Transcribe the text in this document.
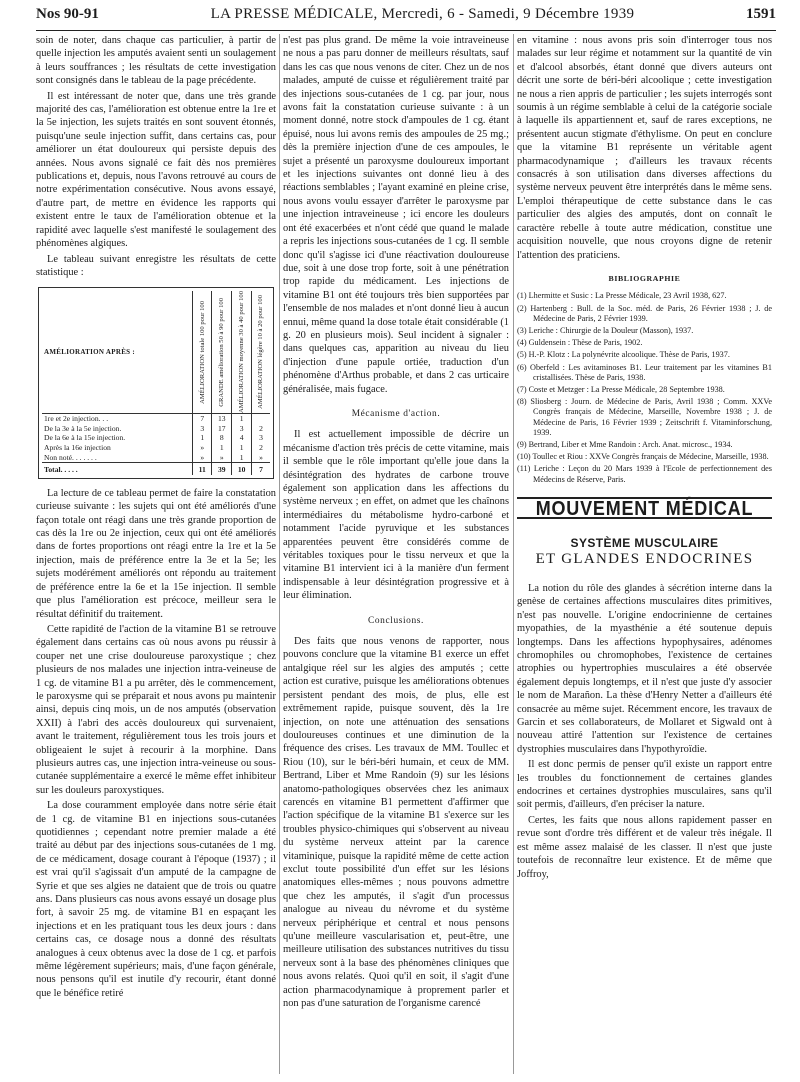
Nos 90-91	LA PRESSE MÉDICALE, Mercredi, 6 - Samedi, 9 Décembre 1939	1591

soin de noter, dans chaque cas particulier, à partir de quelle injection les amputés avaient senti un soulagement à leurs souffrances ; les résultats de cette investigation sont consignés dans le tableau de la page précédente.

Il est intéressant de noter que, dans une très grande majorité des cas, l'amélioration est obtenue entre la 1re et la 5e injection, les sujets traités en sont souvent étonnés, puisqu'une seule injection suffit, dans certains cas, pour améliorer un état douloureux qui persiste depuis des années. Nous avons signalé ce fait dès nos premières publications et, depuis, nous l'avons retrouvé au cours de notre expérimentation consécutive. Nous avons essayé, d'autre part, de mettre en évidence les rapports qui existent entre le taux de l'amélioration obtenue et la rapidité avec laquelle s'est manifesté le soulagement des phénomènes algiques.

Le tableau suivant enregistre les résultats de cette statistique :

AMÉLIORATION APRÈS :	AMÉLIORATION totale 100 pour 100	GRANDE amélioration 50 à 90 pour 100	AMÉLIORATION moyenne 30 à 40 pour 100	AMÉLIORATION légère 10 à 20 pour 100

1re et 2e injection. . .	7	13	1	
De la 3e à la 5e injection.	3	17	3	2
De la 6e à la 15e injection.	1	8	4	3
Après la 16e injection	»	1	1	2
Non noté. . . . . . .	»	»	1	»
Total. . . . .	11	39	10	7

La lecture de ce tableau permet de faire la constatation curieuse suivante : les sujets qui ont été améliorés d'une façon totale ont réagi dans une très grande proportion de cas dès la 1re ou 2e injection, ceux qui ont été améliorés dans de fortes proportions ont réagi entre la 1re et la 5e injection, mais de préférence entre la 3e et la 5e; les sujets modérément améliorés ont répondu au traitement de préférence entre la 6e et la 15e injection. Il semble que plus l'amélioration est précoce, meilleur sera le résultat définitif du traitement.

Cette rapidité de l'action de la vitamine B1 se retrouve également dans certains cas où nous avons pu réussir à couper net une crise douloureuse paroxystique ; chez plusieurs de nos malades une injection intra-veineuse de 1 cg. de vitamine B1 a pu arrêter, dès le commencement, le paroxysme qui se préparait et nous avons pu maintenir ainsi, depuis cinq mois, un de nos amputés (observation XXII) à l'abri des accès douloureux qui survenaient, avant le traitement, régulièrement tous les trois jours et obligeaient le sujet à recourir à la morphine. Dans plusieurs autres cas, une injection intra-veineuse ou sous-cutanée supplémentaire a exercé le même effet inhibiteur sur les douleurs paroxystiques.

La dose couramment employée dans notre série était de 1 cg. de vitamine B1 en injections sous-cutanées quotidiennes ; cependant notre premier malade a été traité au début par des injections sous-cutanées de 1 mg. de ce médicament, dosage courant à l'époque (1937) ; il est vrai qu'il s'agissait d'un amputé de la campagne de Syrie et que ses algies ne dataient que de trois ou quatre ans. Dans plusieurs cas nous avons essayé un dosage plus fort, à savoir 25 mg. de vitamine B1 en espaçant les injections et en les pratiquant tous les deux jours : dans certains cas, ce dosage nous a donné des résultats analogues à ceux obtenus avec la dose de 1 cg. et parfois même légèrement supérieurs; mais, d'une façon générale, nous pensons qu'il est inutile d'y recourir, étant donné que le bénéfice retiré

n'est pas plus grand. De même la voie intraveineuse ne nous a pas paru donner de meilleurs résultats, sauf dans les cas que nous venons de citer. Chez un de nos malades, amputé de cuisse et régulièrement traité par des injections sous-cutanées de 1 cg. par jour, nous avons fait la constatation curieuse suivante : à un moment donné, notre stock d'ampoules de 1 cg. étant épuisé, nous lui avons remis des ampoules de 25 mg.; dès la première injection d'une de ces ampoules, le sujet a présenté un paroxysme douloureux important et les injections suivantes ont donné lieu à des réactions semblables ; l'ayant examiné en pleine crise, nous avons voulu essayer d'arrêter le paroxysme par une injection intraveineuse ; ici encore les douleurs ont été exacerbées et n'ont cédé que quand le malade a repris les injections sous-cutanées de 1 cg. Il semble donc qu'il s'agisse ici d'une réactivation douloureuse due, soit à une dose trop forte, soit à une pénétration trop rapide du médicament. Les injections de vitamine B1 ont été toujours très bien supportées par l'ensemble de nos malades et n'ont donné lieu à aucun ennui, même quand la dose totale était considérable (1 g. 20 en plusieurs mois). Seul incident à signaler : dans quelques cas, apparition au niveau du lieu d'injection d'une papule ortiée, traduction d'un phénomène d'Arthus probable, et dans 2 cas urticaire généralisée, mais fugace.

Mécanisme d'action.

Il est actuellement impossible de décrire un mécanisme d'action très précis de cette vitamine, mais il semble que le rôle important qu'elle joue dans la désintégration des hydrates de carbone trouve également son application dans les affections du système nerveux ; en effet, on admet que les chaînons intermédiaires du métabolisme hydro-carboné et notamment l'acide pyruvique et les substances apparentées peuvent être considérés comme de véritables toxiques pour le tissu nerveux et que la vitamine B1 intervient ici à la manière d'un ferment indispensable à leur désintégration progressive et à leur élimination.

Conclusions.

Des faits que nous venons de rapporter, nous pouvons conclure que la vitamine B1 exerce un effet antalgique réel sur les algies des amputés ; cette action est curative, puisque les améliorations obtenues persistent pendant des mois, de plus, elle est extrêmement rapide, puisque souvent, dès la 1re injection, on note une atténuation des sensations douloureuses continues et une diminution de la fréquence des crises. Les travaux de MM. Toullec et Riou (10), sur le béri-béri humain, et ceux de MM. Bertrand, Liber et Mme Randoin (9) sur les lésions anatomo-pathologiques observées chez les animaux carencés en vitamine B1 permettent d'affirmer que l'action spécifique de la vitamine B1 s'exerce sur les troubles physico-chimiques qui s'observent au niveau du système nerveux atteint par la carence vitaminique, puisque la rapidité même de cette action exclut toute possibilité d'un effet sur les lésions anatomiques elles-mêmes ; nous pouvons admettre que chez les amputés, il s'agit d'un processus analogue au niveau du névrome et du système nerveux périphérique et central et nous pensons qu'une meilleure vascularisation et, peut-être, une meilleure utilisation des substances nutritives du tissu nerveux sont à la base des phénomènes cliniques que nous avons relatés. Quoi qu'il en soit, il s'agit d'une action pharmacodynamique à proprement parler et non pas d'une saturation de l'organisme carencé

en vitamine : nous avons pris soin d'interroger tous nos malades sur leur régime et notamment sur la quantité de vin et d'alcool absorbés, étant donné que divers auteurs ont décrit une sorte de béri-béri alcoolique ; cette investigation ne nous a rien appris de particulier ; les sujets interrogés sont soumis à un régime semblable à celui de la catégorie sociale à laquelle ils appartiennent et, sauf de rares exceptions, ne présentent aucun stigmate d'éthylisme. On peut en conclure que la vitamine B1 représente un véritable agent pharmacodynamique ; d'ailleurs les travaux récents consacrés à son utilisation dans diverses affections du système nerveux peuvent être interprétés dans le même sens. L'emploi thérapeutique de cette substance dans le cas particulier des algies des amputés, dont on connaît le caractère rebelle à toute autre médication, constitue une acquisition nouvelle, que nous croyons digne de retenir l'attention des praticiens.

BIBLIOGRAPHIE
(1) Lhermitte et Susic : La Presse Médicale, 23 Avril 1938, 627.
(2) Hartenberg : Bull. de la Soc. méd. de Paris, 26 Février 1938 ; J. de Médecine de Paris, 2 Février 1939.
(3) Leriche : Chirurgie de la Douleur (Masson), 1937.
(4) Guldensein : Thèse de Paris, 1902.
(5) H.-P. Klotz : La polynévrite alcoolique. Thèse de Paris, 1937.
(6) Oberfeld : Les avitaminoses B1. Leur traitement par les vitamines B1 cristallisées. Thèse de Paris, 1938.
(7) Coste et Metzger : La Presse Médicale, 28 Septembre 1938.
(8) Sliosberg : Journ. de Médecine de Paris, Avril 1938 ; Comm. XXVe Congrès français de Médecine, Marseille, Novembre 1938 ; J. de Médecine de Paris, 16 Février 1939 ; Zeitschrift f. Vitaminforschung, 1939.
(9) Bertrand, Liber et Mme Randoin : Arch. Anat. microsc., 1934.
(10) Toullec et Riou : XXVe Congrès français de Médecine, Marseille, 1938.
(11) Leriche : Leçon du 20 Mars 1939 à l'Ecole de perfectionnement des Médecins de Réserve, Paris.
MOUVEMENT MÉDICAL
SYSTÈME MUSCULAIRE
ET GLANDES ENDOCRINES

La notion du rôle des glandes à sécrétion interne dans la genèse de certaines affections musculaires dites primitives, n'est pas nouvelle. L'origine endocrinienne de certaines myopathies, de la myasthénie a été soutenue depuis longtemps. Dans les affections hypophysaires, adénomes chromophiles ou chromophobes, l'existence de certaines atrophies ou hypertrophies musculaires a été observée également depuis longtemps, et il n'est que juste d'y associer le nom de Marañon. La thèse d'Henry Netter a d'ailleurs été consacrée au même sujet. Récemment encore, les travaux de Garcin et ses collaborateurs, de Mollaret et Sigwald ont à nouveau attiré l'attention sur l'existence de certaines dystrophies musculaires dans l'hypothyroïdie.

Il est donc permis de penser qu'il existe un rapport entre les troubles du fonctionnement de certaines glandes endocrines et certaines dystrophies musculaires, sans qu'il soit permis, d'ailleurs, d'en préciser la nature.

Certes, les faits que nous allons rapidement passer en revue sont d'ordre très différent et de valeur très inégale. Il est même assez malaisé de les classer. Il n'est que juste toutefois de reconnaître leur existence. Et de même que Joffroy,
